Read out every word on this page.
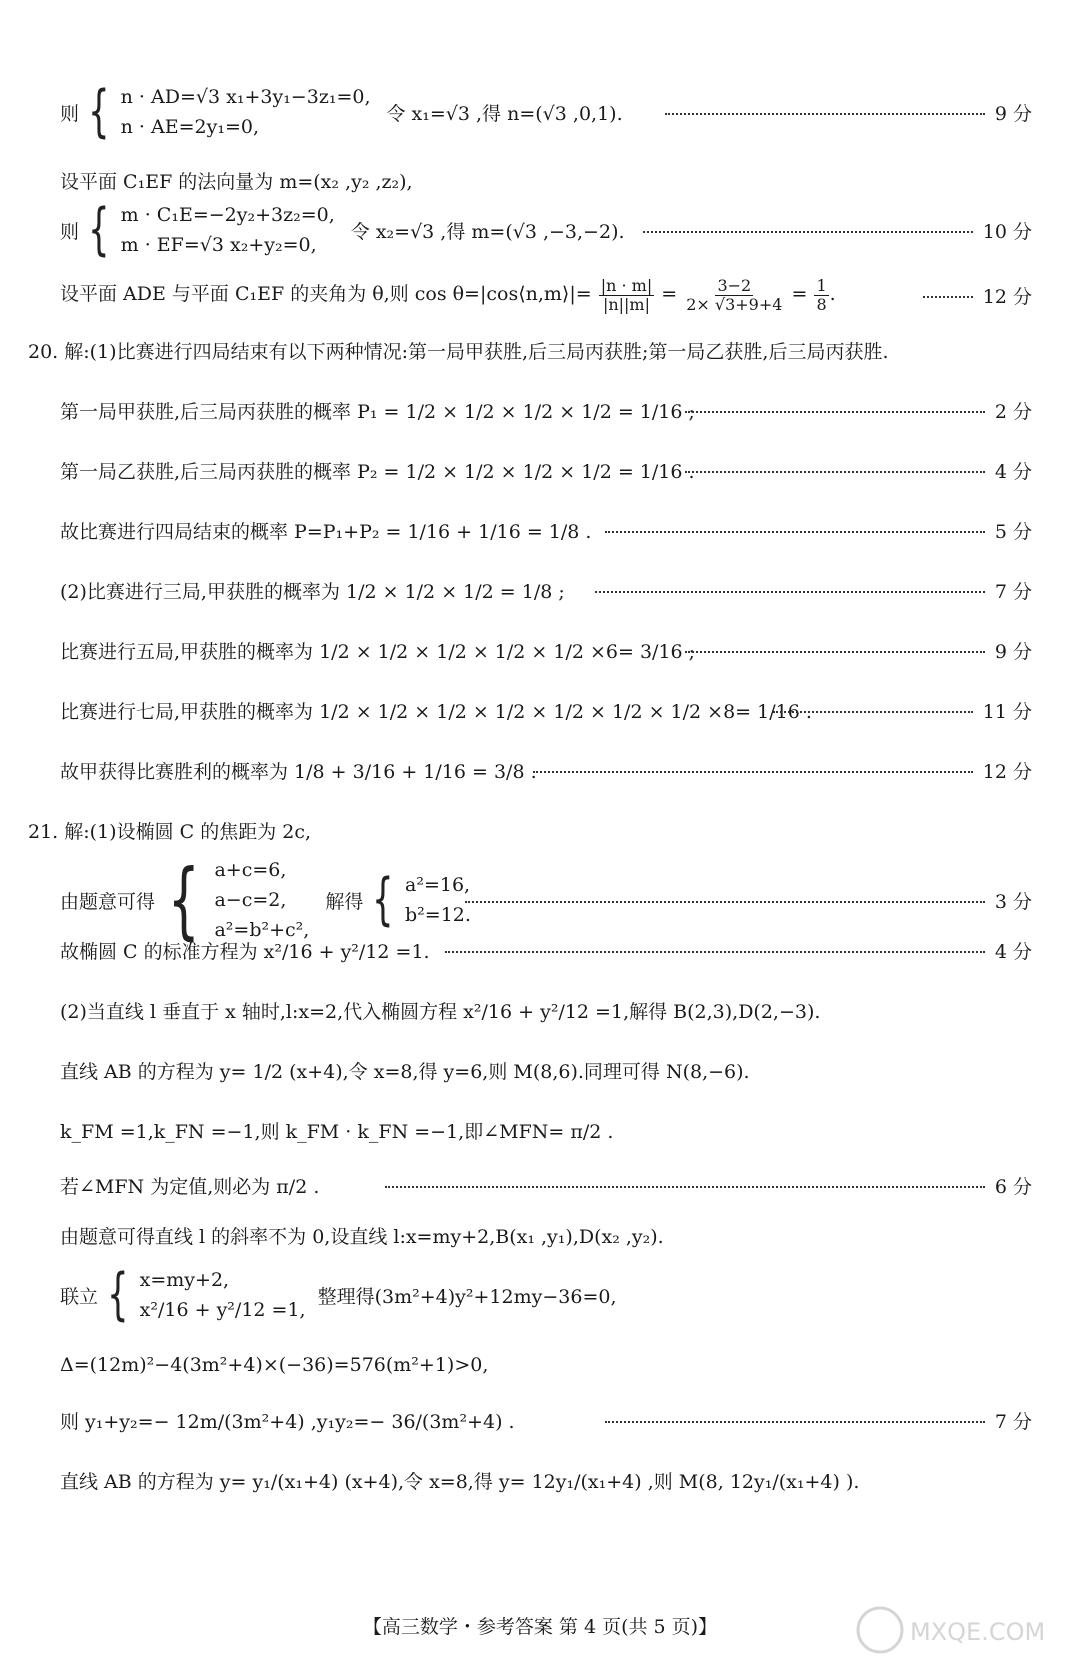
则 { n · AD=√3 x₁+3y₁−3z₁=0,
n · AE=2y₁=0,
令 x₁=√3 ,得 n=(√3 ,0,1).	9 分
设平面 C₁EF 的法向量为 m=(x₂ ,y₂ ,z₂),
则 { m · C₁E=−2y₂+3z₂=0,
m · EF=√3 x₂+y₂=0,
令 x₂=√3 ,得 m=(√3 ,−3,−2).	10 分
设平面 ADE 与平面 C₁EF 的夹角为 θ,则 cos θ=|cos⟨n,m⟩|= $\frac{|n \cdot m|}{|n||m|} = \frac{3-2}{2\times √3+9+4} = \frac{1}{8}$ .	12 分
20. 解:(1)比赛进行四局结束有以下两种情况:第一局甲获胜,后三局丙获胜;第一局乙获胜,后三局丙获胜.
第一局甲获胜,后三局丙获胜的概率 P₁ = 1/2 × 1/2 × 1/2 × 1/2 = 1/16 ;	2 分
第一局乙获胜,后三局丙获胜的概率 P₂ = 1/2 × 1/2 × 1/2 × 1/2 = 1/16 .	4 分
故比赛进行四局结束的概率 P=P₁+P₂ = 1/16 + 1/16 = 1/8 .	5 分
(2)比赛进行三局,甲获胜的概率为 1/2 × 1/2 × 1/2 = 1/8 ;	7 分
比赛进行五局,甲获胜的概率为 1/2 × 1/2 × 1/2 × 1/2 × 1/2 ×6= 3/16 ;	9 分
比赛进行七局,甲获胜的概率为 1/2 × 1/2 × 1/2 × 1/2 × 1/2 × 1/2 × 1/2 ×8= 1/16 .	11 分
故甲获得比赛胜利的概率为 1/8 + 3/16 + 1/16 = 3/8 .	12 分
21. 解:(1)设椭圆 C 的焦距为 2c,
由题意可得 { a+c=6,
a−c=2,
a²=b²+c²,
解得 { a²=16,
b²=12.
3 分
故椭圆 C 的标准方程为 x²/16 + y²/12 =1.	4 分
(2)当直线 l 垂直于 x 轴时,l:x=2,代入椭圆方程 x²/16 + y²/12 =1,解得 B(2,3),D(2,−3).
直线 AB 的方程为 y= 1/2 (x+4),令 x=8,得 y=6,则 M(8,6).同理可得 N(8,−6).
k_FM =1,k_FN =−1,则 k_FM · k_FN =−1,即∠MFN= π/2 .
若∠MFN 为定值,则必为 π/2 .	6 分
由题意可得直线 l 的斜率不为 0,设直线 l:x=my+2,B(x₁ ,y₁),D(x₂ ,y₂).
联立 { x=my+2,
x²/16 + y²/12 =1,
整理得(3m²+4)y²+12my−36=0,
Δ=(12m)²−4(3m²+4)×(−36)=576(m²+1)>0,
则 y₁+y₂=− 12m/(3m²+4) ,y₁y₂=− 36/(3m²+4) .	7 分
直线 AB 的方程为 y= y₁/(x₁+4) (x+4),令 x=8,得 y= 12y₁/(x₁+4) ,则 M(8, 12y₁/(x₁+4) ).
【高三数学・参考答案 第 4 页(共 5 页)】	MXQE.COM
